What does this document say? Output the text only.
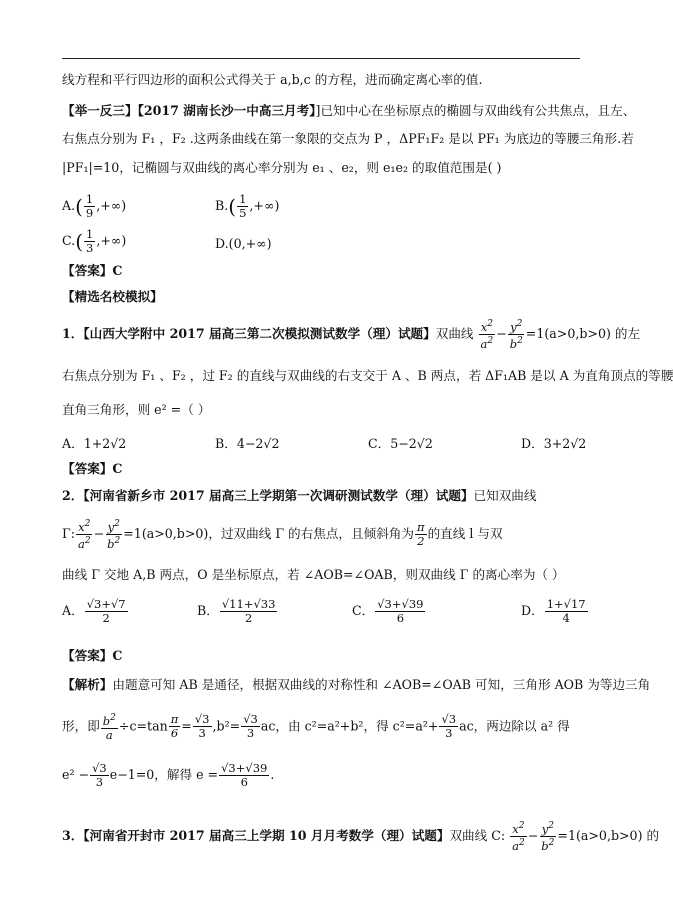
线方程和平行四边形的面积公式得关于 a,b,c 的方程，进而确定离心率的值.
【举一反三】【2017 湖南长沙一中高三月考】]已知中心在坐标原点的椭圆与双曲线有公共焦点，且左、
右焦点分别为 F₁ ，F₂ .这两条曲线在第一象限的交点为 P ，ΔPF₁F₂ 是以 PF₁ 为底边的等腰三角形.若
|PF₁|=10，记椭圆与双曲线的离心率分别为 e₁ 、e₂，则 e₁e₂ 的取值范围是( )
$A.( \frac{1}{9}$ ,+∞)	$B.( \frac{1}{5}$ ,+∞)
$C.( \frac{1}{3}$ ,+∞)	D.(0,+∞)
【答案】C
【精选名校模拟】
1．【山西大学附中 2017 届高三第二次模拟测试数学（理）试题】双曲线 $\frac{x^2}{a^2} - \frac{y^2}{b^2} =1(a>0,b>0)$ 的左
右焦点分别为 F₁ 、F₂ ，过 F₂ 的直线与双曲线的右支交于 A 、B 两点，若 ΔF₁AB 是以 A 为直角顶点的等腰
直角三角形，则 e² =（ ）
A．1+2√2	B．4−2√2	C．5−2√2	D．3+2√2
【答案】C
2．【河南省新乡市 2017 届高三上学期第一次调研测试数学（理）试题】已知双曲线
Γ: $\frac{x^2}{a^2} - \frac{y^2}{b^2} =1(a>0,b>0)$，过双曲线 Γ 的右焦点，且倾斜角为 $\frac{\pi}{2}$ 的直线 l 与双
曲线 Γ 交地 A,B 两点，O 是坐标原点，若 ∠AOB=∠OAB，则双曲线 Γ 的离心率为（ ）
A． $\frac{√3+√7}{2}$	B． $\frac{√11+√33}{2}$	C． $\frac{√3+√39}{6}$	D． $\frac{1+√17}{4}$
【答案】C
【解析】由题意可知 AB 是通径，根据双曲线的对称性和 ∠AOB=∠OAB 可知，三角形 AOB 为等边三角
形，即 $\frac{b^2}{a} \div c=\tan \frac{\pi}{6} = \frac{√3}{3} ,b^2= \frac{√3}{3}$ ac，由 c²=a²+b²，得 $c^2=a^2+ \frac{√3}{3}$ ac，两边除以 a² 得
$e^2 - \frac{√3}{3} e-1=0$，解得 $e = \frac{√3+√39}{6}$ .
3．【河南省开封市 2017 届高三上学期 10 月月考数学（理）试题】双曲线 C: $\frac{x^2}{a^2} - \frac{y^2}{b^2} =1(a>0,b>0)$ 的
